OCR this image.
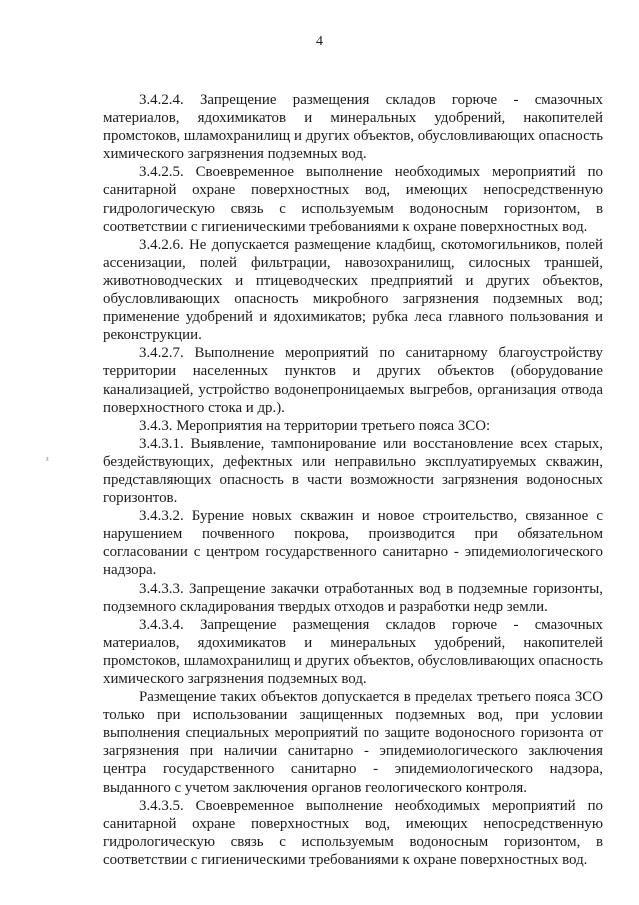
4
ᶻ

3.4.2.4. Запрещение размещения складов горюче - смазочных материалов, ядохимикатов и минеральных удобрений, накопителей промстоков, шламохранилищ и других объектов, обусловливающих опасность химического загрязнения подземных вод.

3.4.2.5. Своевременное выполнение необходимых мероприятий по санитарной охране поверхностных вод, имеющих непосредственную гидрологическую связь с используемым водоносным горизонтом, в соответствии с гигиеническими требованиями к охране поверхностных вод.

3.4.2.6. Не допускается размещение кладбищ, скотомогильников, полей ассенизации, полей фильтрации, навозохранилищ, силосных траншей, животноводческих и птицеводческих предприятий и других объектов, обусловливающих опасность микробного загрязнения подземных вод; применение удобрений и ядохимикатов; рубка леса главного пользования и реконструкции.

3.4.2.7. Выполнение мероприятий по санитарному благоустройству территории населенных пунктов и других объектов (оборудование канализацией, устройство водонепроницаемых выгребов, организация отвода поверхностного стока и др.).

3.4.3. Мероприятия на территории третьего пояса ЗСО:

3.4.3.1. Выявление, тампонирование или восстановление всех старых, бездействующих, дефектных или неправильно эксплуатируемых скважин, представляющих опасность в части возможности загрязнения водоносных горизонтов.

3.4.3.2. Бурение новых скважин и новое строительство, связанное с нарушением почвенного покрова, производится при обязательном согласовании с центром государственного санитарно - эпидемиологического надзора.

3.4.3.3. Запрещение закачки отработанных вод в подземные горизонты, подземного складирования твердых отходов и разработки недр земли.

3.4.3.4. Запрещение размещения складов горюче - смазочных материалов, ядохимикатов и минеральных удобрений, накопителей промстоков, шламохранилищ и других объектов, обусловливающих опасность химического загрязнения подземных вод.

Размещение таких объектов допускается в пределах третьего пояса ЗСО только при использовании защищенных подземных вод, при условии выполнения специальных мероприятий по защите водоносного горизонта от загрязнения при наличии санитарно - эпидемиологического заключения центра государственного санитарно - эпидемиологического надзора, выданного с учетом заключения органов геологического контроля.

3.4.3.5. Своевременное выполнение необходимых мероприятий по санитарной охране поверхностных вод, имеющих непосредственную гидрологическую связь с используемым водоносным горизонтом, в соответствии с гигиеническими требованиями к охране поверхностных вод.
